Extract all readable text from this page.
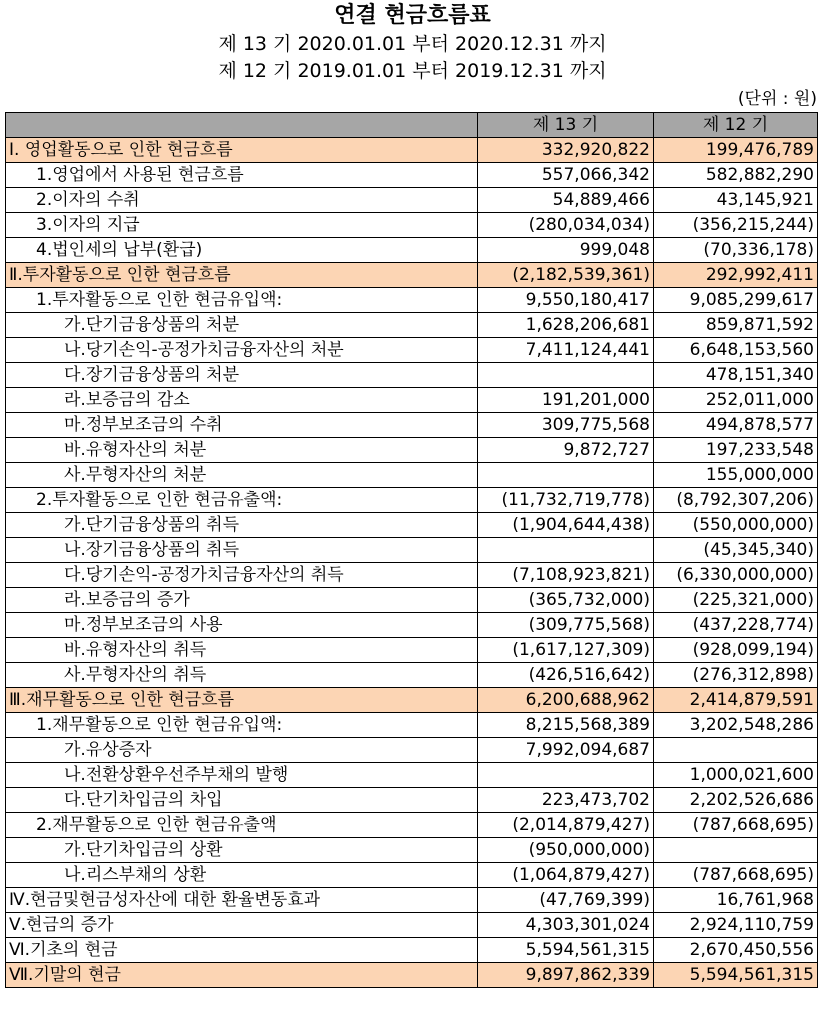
연결 현금흐름표
제 13 기 2020.01.01 부터 2020.12.31 까지
제 12 기 2019.01.01 부터 2019.12.31 까지
(단위 : 원)
	제 13 기	제 12 기
Ⅰ. 영업활동으로 인한 현금흐름	332,920,822	199,476,789
1.영업에서 사용된 현금흐름	557,066,342	582,882,290
2.이자의 수취	54,889,466	43,145,921
3.이자의 지급	(280,034,034)	(356,215,244)
4.법인세의 납부(환급)	999,048	(70,336,178)
Ⅱ.투자활동으로 인한 현금흐름	(2,182,539,361)	292,992,411
1.투자활동으로 인한 현금유입액:	9,550,180,417	9,085,299,617
가.단기금융상품의 처분	1,628,206,681	859,871,592
나.당기손익-공정가치금융자산의 처분	7,411,124,441	6,648,153,560
다.장기금융상품의 처분		478,151,340
라.보증금의 감소	191,201,000	252,011,000
마.정부보조금의 수취	309,775,568	494,878,577
바.유형자산의 처분	9,872,727	197,233,548
사.무형자산의 처분		155,000,000
2.투자활동으로 인한 현금유출액:	(11,732,719,778)	(8,792,307,206)
가.단기금융상품의 취득	(1,904,644,438)	(550,000,000)
나.장기금융상품의 취득		(45,345,340)
다.당기손익-공정가치금융자산의 취득	(7,108,923,821)	(6,330,000,000)
라.보증금의 증가	(365,732,000)	(225,321,000)
마.정부보조금의 사용	(309,775,568)	(437,228,774)
바.유형자산의 취득	(1,617,127,309)	(928,099,194)
사.무형자산의 취득	(426,516,642)	(276,312,898)
Ⅲ.재무활동으로 인한 현금흐름	6,200,688,962	2,414,879,591
1.재무활동으로 인한 현금유입액:	8,215,568,389	3,202,548,286
가.유상증자	7,992,094,687	
나.전환상환우선주부채의 발행		1,000,021,600
다.단기차입금의 차입	223,473,702	2,202,526,686
2.재무활동으로 인한 현금유출액	(2,014,879,427)	(787,668,695)
가.단기차입금의 상환	(950,000,000)	
나.리스부채의 상환	(1,064,879,427)	(787,668,695)
Ⅳ.현금및현금성자산에 대한 환율변동효과	(47,769,399)	16,761,968
Ⅴ.현금의 증가	4,303,301,024	2,924,110,759
Ⅵ.기초의 현금	5,594,561,315	2,670,450,556
Ⅶ.기말의 현금	9,897,862,339	5,594,561,315
